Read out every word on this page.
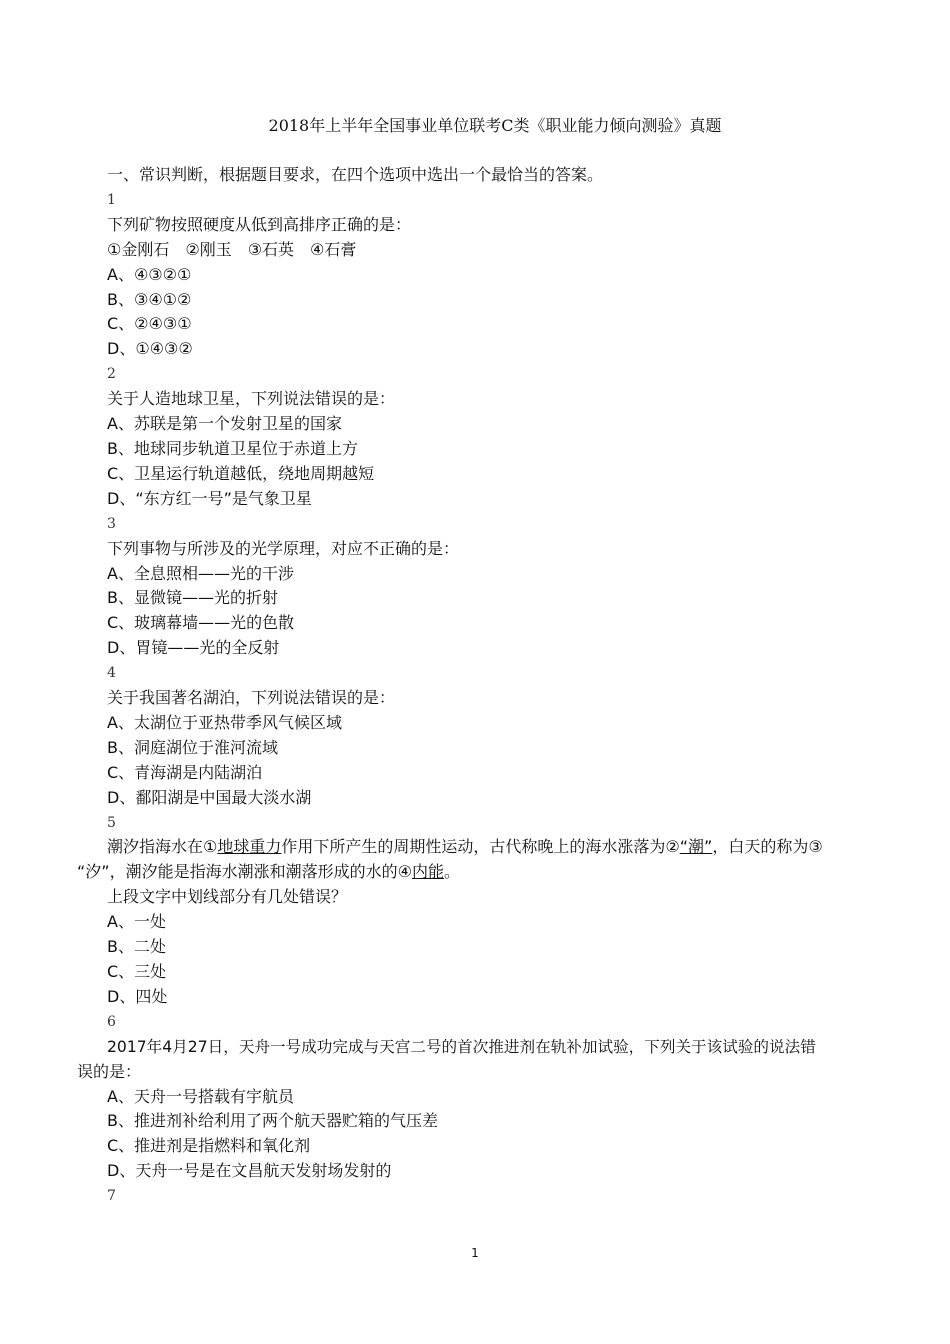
2018年上半年全国事业单位联考C类《职业能力倾向测验》真题
一、常识判断，根据题目要求，在四个选项中选出一个最恰当的答案。
1
下列矿物按照硬度从低到高排序正确的是：
①金刚石　②刚玉　③石英　④石膏
A、④③②①
B、③④①②
C、②④③①
D、①④③②
2
关于人造地球卫星，下列说法错误的是：
A、苏联是第一个发射卫星的国家
B、地球同步轨道卫星位于赤道上方
C、卫星运行轨道越低，绕地周期越短
D、“东方红一号”是气象卫星
3
下列事物与所涉及的光学原理，对应不正确的是：
A、全息照相——光的干涉
B、显微镜——光的折射
C、玻璃幕墙——光的色散
D、胃镜——光的全反射
4
关于我国著名湖泊，下列说法错误的是：
A、太湖位于亚热带季风气候区域
B、洞庭湖位于淮河流域
C、青海湖是内陆湖泊
D、鄱阳湖是中国最大淡水湖
5
潮汐指海水在①地球重力作用下所产生的周期性运动，古代称晚上的海水涨落为②“潮”，白天的称为③
“汐”，潮汐能是指海水潮涨和潮落形成的水的④内能。
上段文字中划线部分有几处错误？
A、一处
B、二处
C、三处
D、四处
6
2017年4月27日，天舟一号成功完成与天宫二号的首次推进剂在轨补加试验，下列关于该试验的说法错
误的是：
A、天舟一号搭载有宇航员
B、推进剂补给利用了两个航天器贮箱的气压差
C、推进剂是指燃料和氧化剂
D、天舟一号是在文昌航天发射场发射的
7
1
